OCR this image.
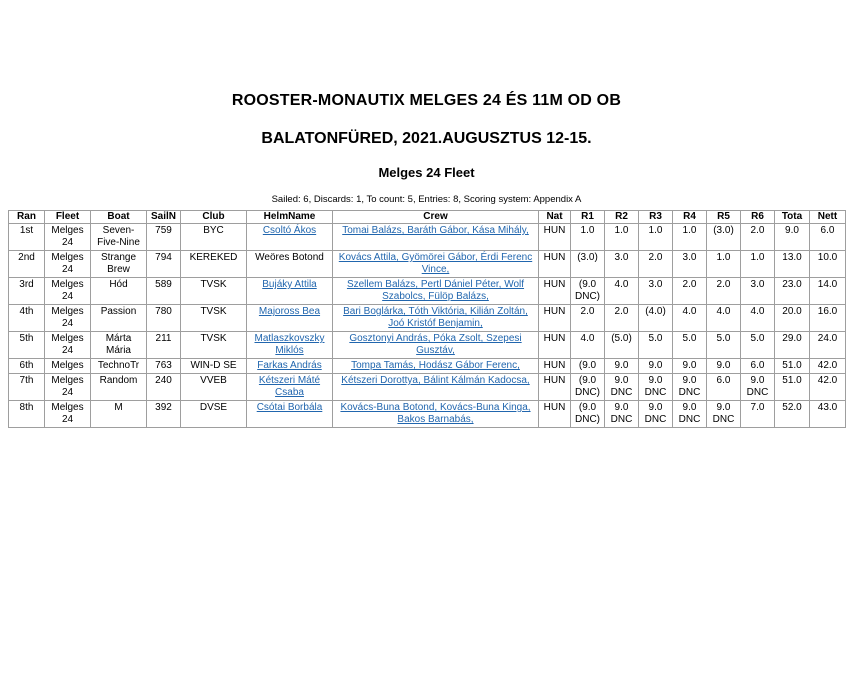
ROOSTER-MONAUTIX MELGES 24 ÉS 11M OD OB
BALATONFÜRED, 2021.AUGUSZTUS 12-15.
Melges 24 Fleet

Sailed: 6, Discards: 1, To count: 5, Entries: 8, Scoring system: Appendix A

Ran	Fleet	Boat	SailN	Club	HelmName	Crew	Nat	R1	R2	R3	R4	R5	R6	Tota	Nett
1st	Melges 24	Seven-Five-Nine	759	BYC	Csoltó Ákos	Tomai Balázs, Baráth Gábor, Kása Mihály,	HUN	1.0	1.0	1.0	1.0	(3.0)	2.0	9.0	6.0
2nd	Melges 24	Strange Brew	794	KEREKED	Weöres Botond	Kovács Attila, Gyömörei Gábor, Érdi Ferenc Vince,	HUN	(3.0)	3.0	2.0	3.0	1.0	1.0	13.0	10.0
3rd	Melges 24	Hód	589	TVSK	Bujáky Attila	Szellem Balázs, Pertl Dániel Péter, Wolf Szabolcs, Fülöp Balázs,	HUN	(9.0 DNC)	4.0	3.0	2.0	2.0	3.0	23.0	14.0
4th	Melges 24	Passion	780	TVSK	Majoross Bea	Bari Boglárka, Tóth Viktória, Kilián Zoltán, Joó Kristóf Benjamin,	HUN	2.0	2.0	(4.0)	4.0	4.0	4.0	20.0	16.0
5th	Melges 24	Márta Mária	211	TVSK	Matlaszkovszky Miklós	Gosztonyi András, Póka Zsolt, Szepesi Gusztáv,	HUN	4.0	(5.0)	5.0	5.0	5.0	5.0	29.0	24.0
6th	Melges	TechnoTr	763	WIN-D SE	Farkas András	Tompa Tamás, Hodász Gábor Ferenc,	HUN	(9.0	9.0	9.0	9.0	9.0	6.0	51.0	42.0
7th	Melges 24	Random	240	VVEB	Kétszeri Máté Csaba	Kétszeri Dorottya, Bálint Kálmán Kadocsa,	HUN	(9.0 DNC)	9.0 DNC	9.0 DNC	9.0 DNC	6.0	9.0 DNC	51.0	42.0
8th	Melges 24	M	392	DVSE	Csótai Borbála	Kovács-Buna Botond, Kovács-Buna Kinga, Bakos Barnabás,	HUN	(9.0 DNC)	9.0 DNC	9.0 DNC	9.0 DNC	9.0 DNC	7.0	52.0	43.0
